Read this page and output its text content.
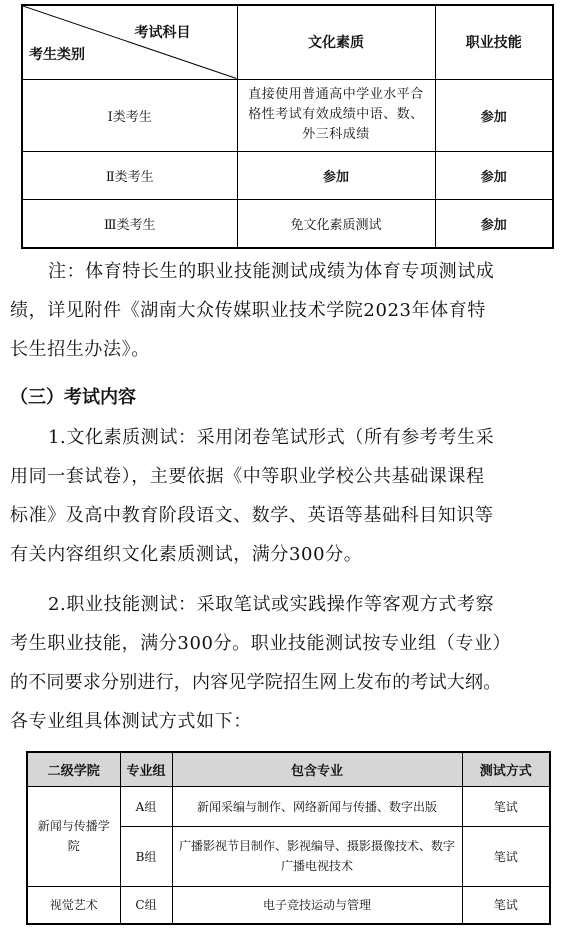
考试科目
考生类别	文化素质	职业技能
Ⅰ类考生	直接使用普通高中学业水平合格性考试有效成绩中语、数、外三科成绩	参加
Ⅱ类考生	参加	参加
Ⅲ类考生	免文化素质测试	参加
注：体育特长生的职业技能测试成绩为体育专项测试成
绩，详见附件《湖南大众传媒职业技术学院2023年体育特
长生招生办法》。
（三）考试内容
1.文化素质测试：采用闭卷笔试形式（所有参考考生采
用同一套试卷），主要依据《中等职业学校公共基础课课程
标准》及高中教育阶段语文、数学、英语等基础科目知识等
有关内容组织文化素质测试，满分300分。
2.职业技能测试：采取笔试或实践操作等客观方式考察
考生职业技能，满分300分。职业技能测试按专业组（专业）
的不同要求分别进行，内容见学院招生网上发布的考试大纲。
各专业组具体测试方式如下：
二级学院	专业组	包含专业	测试方式
新闻与传播学院	A组	新闻采编与制作、网络新闻与传播、数字出版	笔试
	B组	广播影视节目制作、影视编导、摄影摄像技术、数字广播电视技术	笔试
视觉艺术	C组	电子竞技运动与管理	笔试
